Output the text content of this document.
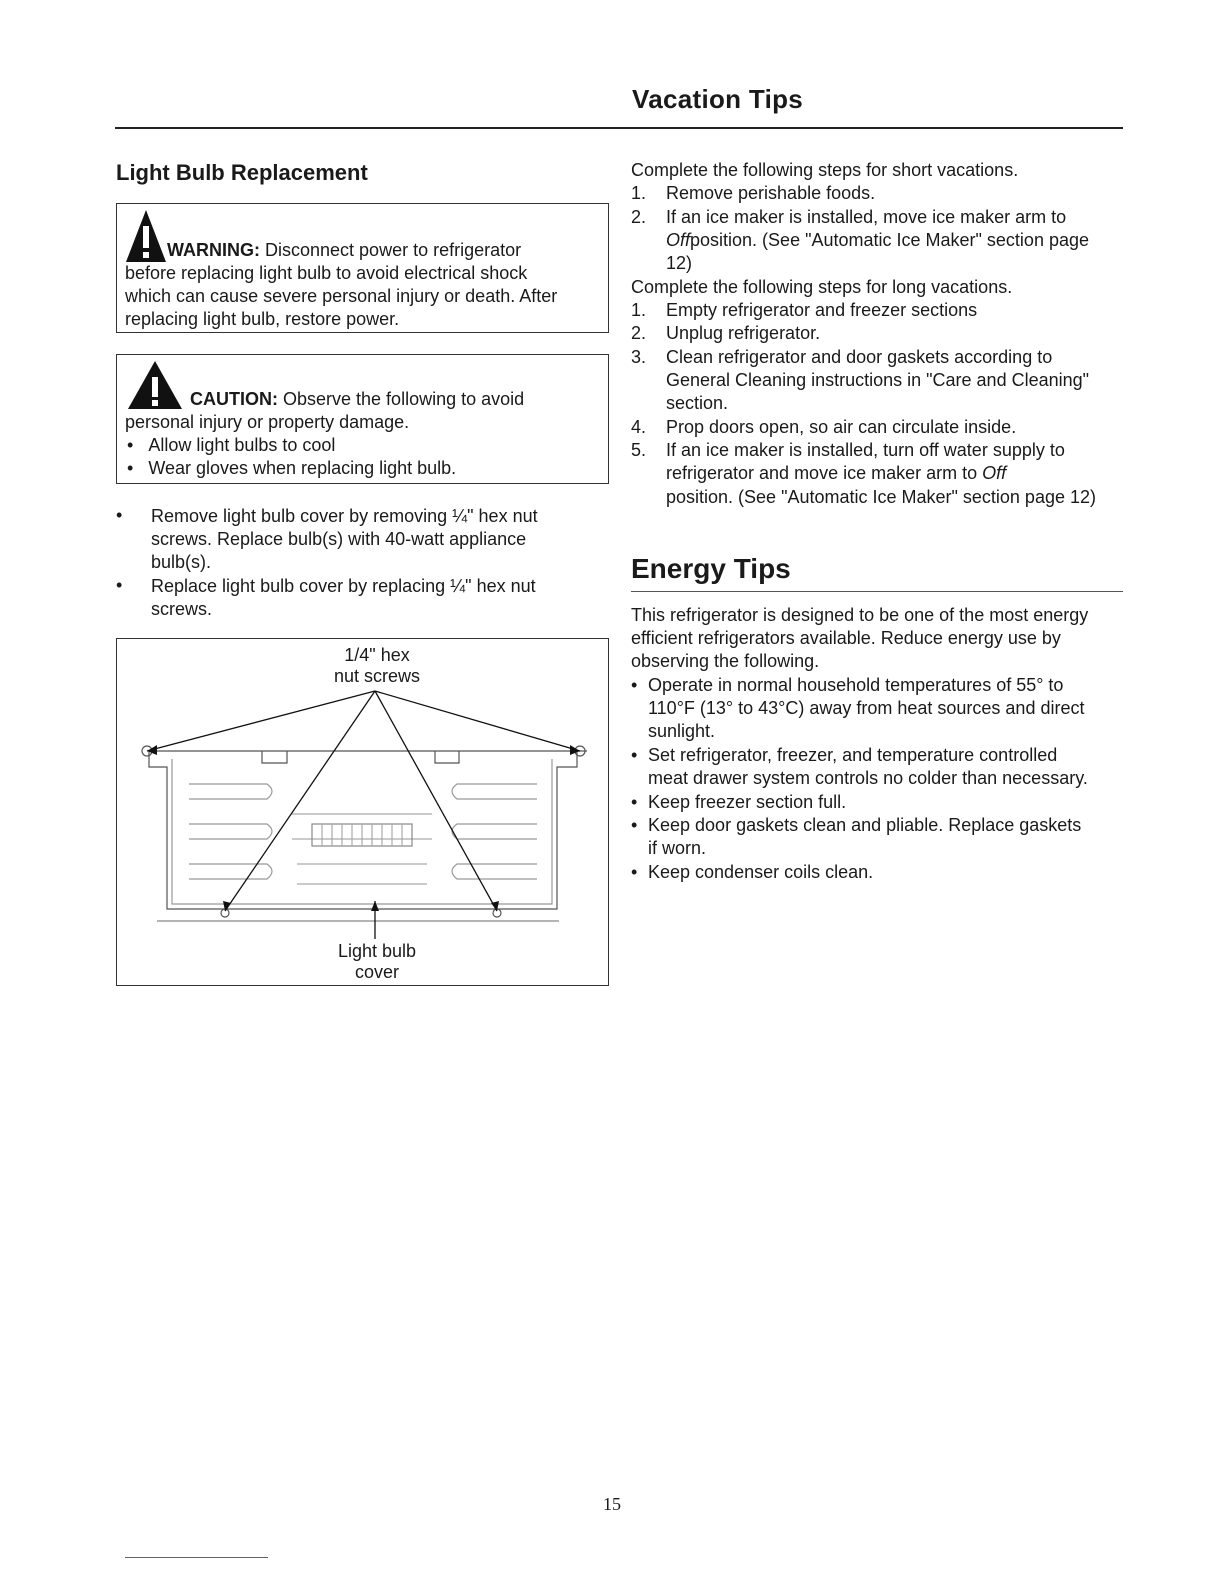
Vacation Tips
Light Bulb Replacement
WARNING: Disconnect power to refrigerator
before replacing light bulb to avoid electrical shock
which can cause severe personal injury or death. After
replacing light bulb, restore power.
CAUTION: Observe the following to avoid
personal injury or property damage.
•   Allow light bulbs to cool
•   Wear gloves when replacing light bulb.
• Remove light bulb cover by removing ¼" hex nut
screws. Replace bulb(s) with 40-watt appliance
bulb(s).
• Replace light bulb cover by replacing ¼" hex nut
screws.
1/4" hex
nut screws
Light bulb
cover
Complete the following steps for short vacations.
1. Remove perishable foods.
2. If an ice maker is installed, move ice maker arm to
Offposition. (See "Automatic Ice Maker" section page
12)
Complete the following steps for long vacations.
1. Empty refrigerator and freezer sections
2. Unplug refrigerator.
3. Clean refrigerator and door gaskets according to
General Cleaning instructions in "Care and Cleaning"
section.
4. Prop doors open, so air can circulate inside.
5. If an ice maker is installed, turn off water supply to
refrigerator and move ice maker arm to Off
position. (See "Automatic Ice Maker" section page 12)
Energy Tips
This refrigerator is designed to be one of the most energy
efficient refrigerators available. Reduce energy use by
observing the following.
• Operate in normal household temperatures of 55° to
110°F (13° to 43°C) away from heat sources and direct
sunlight.
• Set refrigerator, freezer, and temperature controlled
meat drawer system controls no colder than necessary.
• Keep freezer section full.
• Keep door gaskets clean and pliable. Replace gaskets
if worn.
• Keep condenser coils clean.
15
